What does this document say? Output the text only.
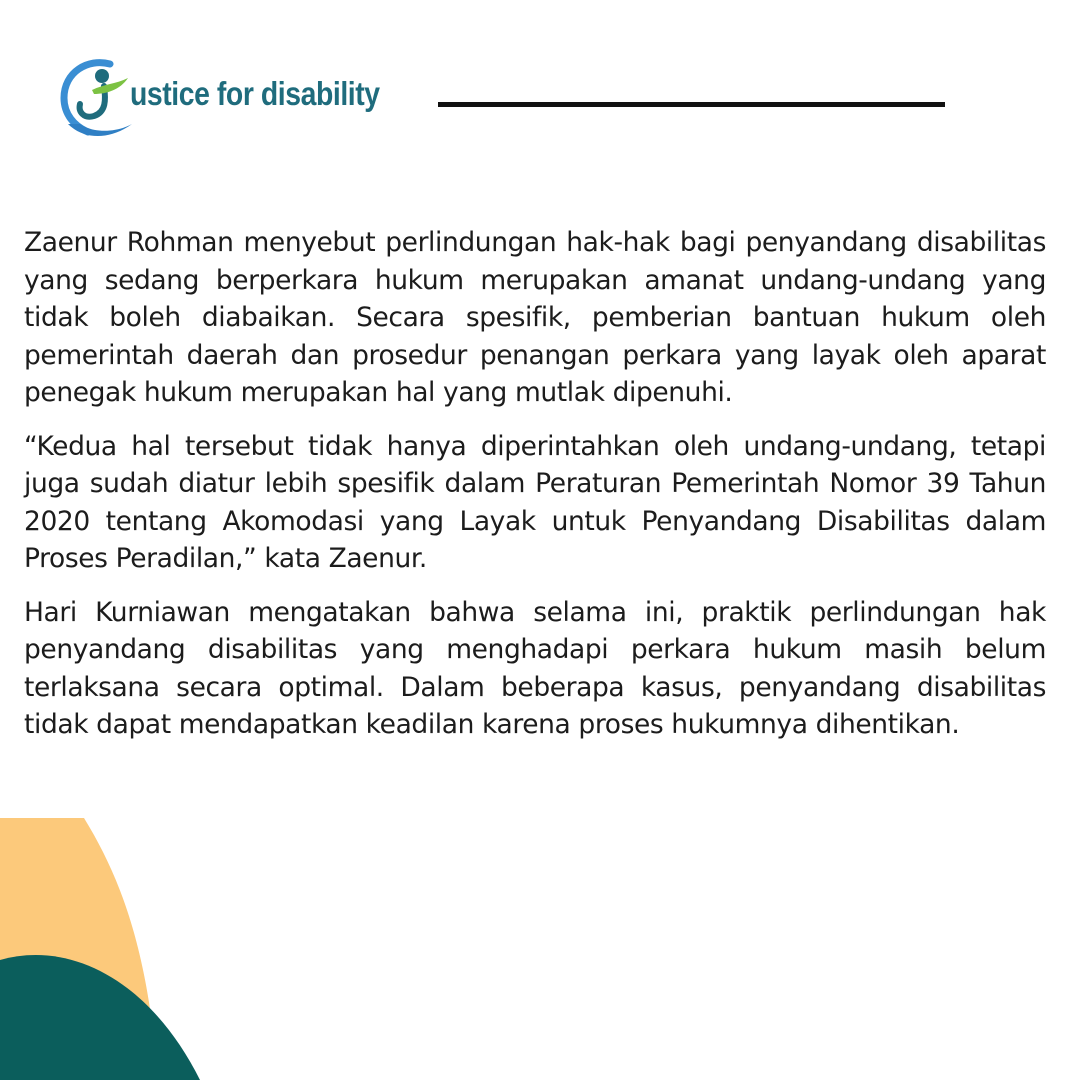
ustice for disability

Zaenur Rohman menyebut perlindungan hak-hak bagi penyandang disabilitas yang sedang berperkara hukum merupakan amanat undang-undang yang tidak boleh diabaikan. Secara spesifik, pemberian bantuan hukum oleh pemerintah daerah dan prosedur penangan perkara yang layak oleh aparat penegak hukum merupakan hal yang mutlak dipenuhi.

“Kedua hal tersebut tidak hanya diperintahkan oleh undang-undang, tetapi juga sudah diatur lebih spesifik dalam Peraturan Pemerintah Nomor 39 Tahun 2020 tentang Akomodasi yang Layak untuk Penyandang Disabilitas dalam Proses Peradilan,” kata Zaenur.

Hari Kurniawan mengatakan bahwa selama ini, praktik perlindungan hak penyandang disabilitas yang menghadapi perkara hukum masih belum terlaksana secara optimal. Dalam beberapa kasus, penyandang disabilitas tidak dapat mendapatkan keadilan karena proses hukumnya dihentikan.
